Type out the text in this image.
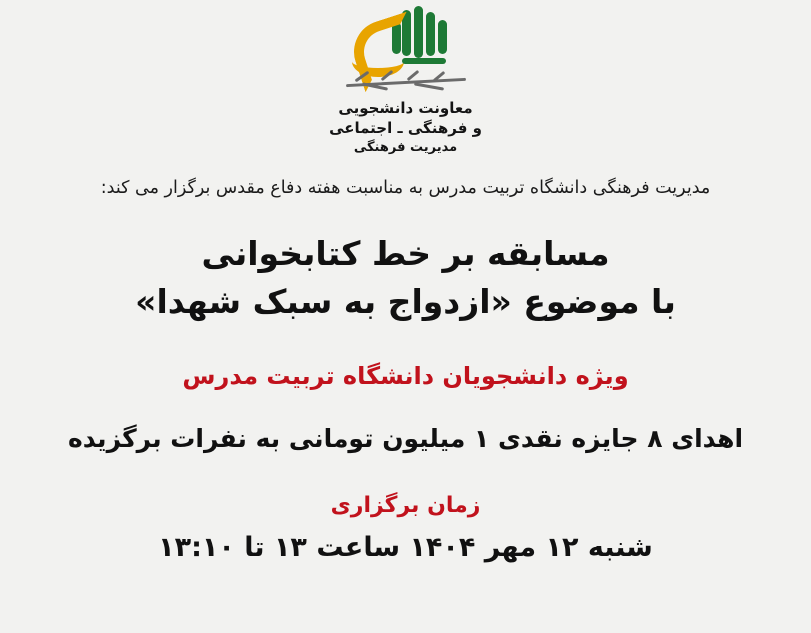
معاونت دانشجویی
و فرهنگی ـ اجتماعی
مدیریت فرهنگی
مدیریت فرهنگی دانشگاه تربیت مدرس به مناسبت هفته دفاع مقدس برگزار می کند:
مسابقه بر خط کتابخوانی
با موضوع «ازدواج به سبک شهدا»
ویژه دانشجویان دانشگاه تربیت مدرس
اهدای ۸ جایزه نقدی ۱ میلیون تومانی به نفرات برگزیده
زمان برگزاری
شنبه ۱۲ مهر ۱۴۰۴ ساعت ۱۳ تا ۱۳:۱۰
